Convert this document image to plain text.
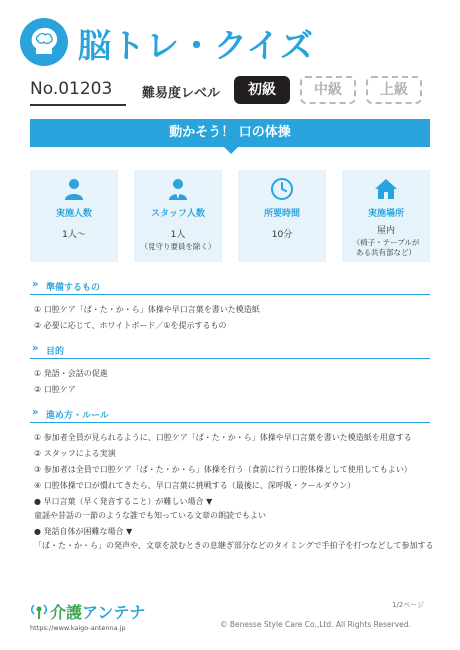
脳トレ・クイズ
No.01203 難易度レベル	初級	中級	上級
動かそう！ 口の体操
実施人数
1人～
スタッフ人数
1人
（見守り要員を除く）
所要時間
10分
実施場所
屋内
（椅子・テーブルがある共有部など）
» 準備するもの
① 口腔ケア「ぱ・た・か・ら」体操や早口言葉を書いた模造紙
② 必要に応じて、ホワイトボード／①を提示するもの
» 目的
① 発語・会話の促進
② 口腔ケア
» 進め方・ルール
① 参加者全員が見られるように、口腔ケア「ぱ・た・か・ら」体操や早口言葉を書いた模造紙を用意する
② スタッフによる実演
③ 参加者は全員で口腔ケア「ぱ・た・か・ら」体操を行う（食前に行う口腔体操として使用してもよい）
④ 口腔体操で口が慣れてきたら、早口言葉に挑戦する（最後に、深呼吸・クールダウン）
● 早口言葉（早く発音すること）が難しい場合 ▼
童謡や昔話の一節のような誰でも知っている文章の朗読でもよい
● 発話自体が困難な場合 ▼
「ぱ・た・か・ら」の発声や、文章を読むときの息継ぎ部分などのタイミングで手拍子を打つなどして参加する
1/2ページ
介護アンテナ
https://www.kaigo-antenna.jp	© Benesse Style Care Co.,Ltd. All Rights Reserved.
